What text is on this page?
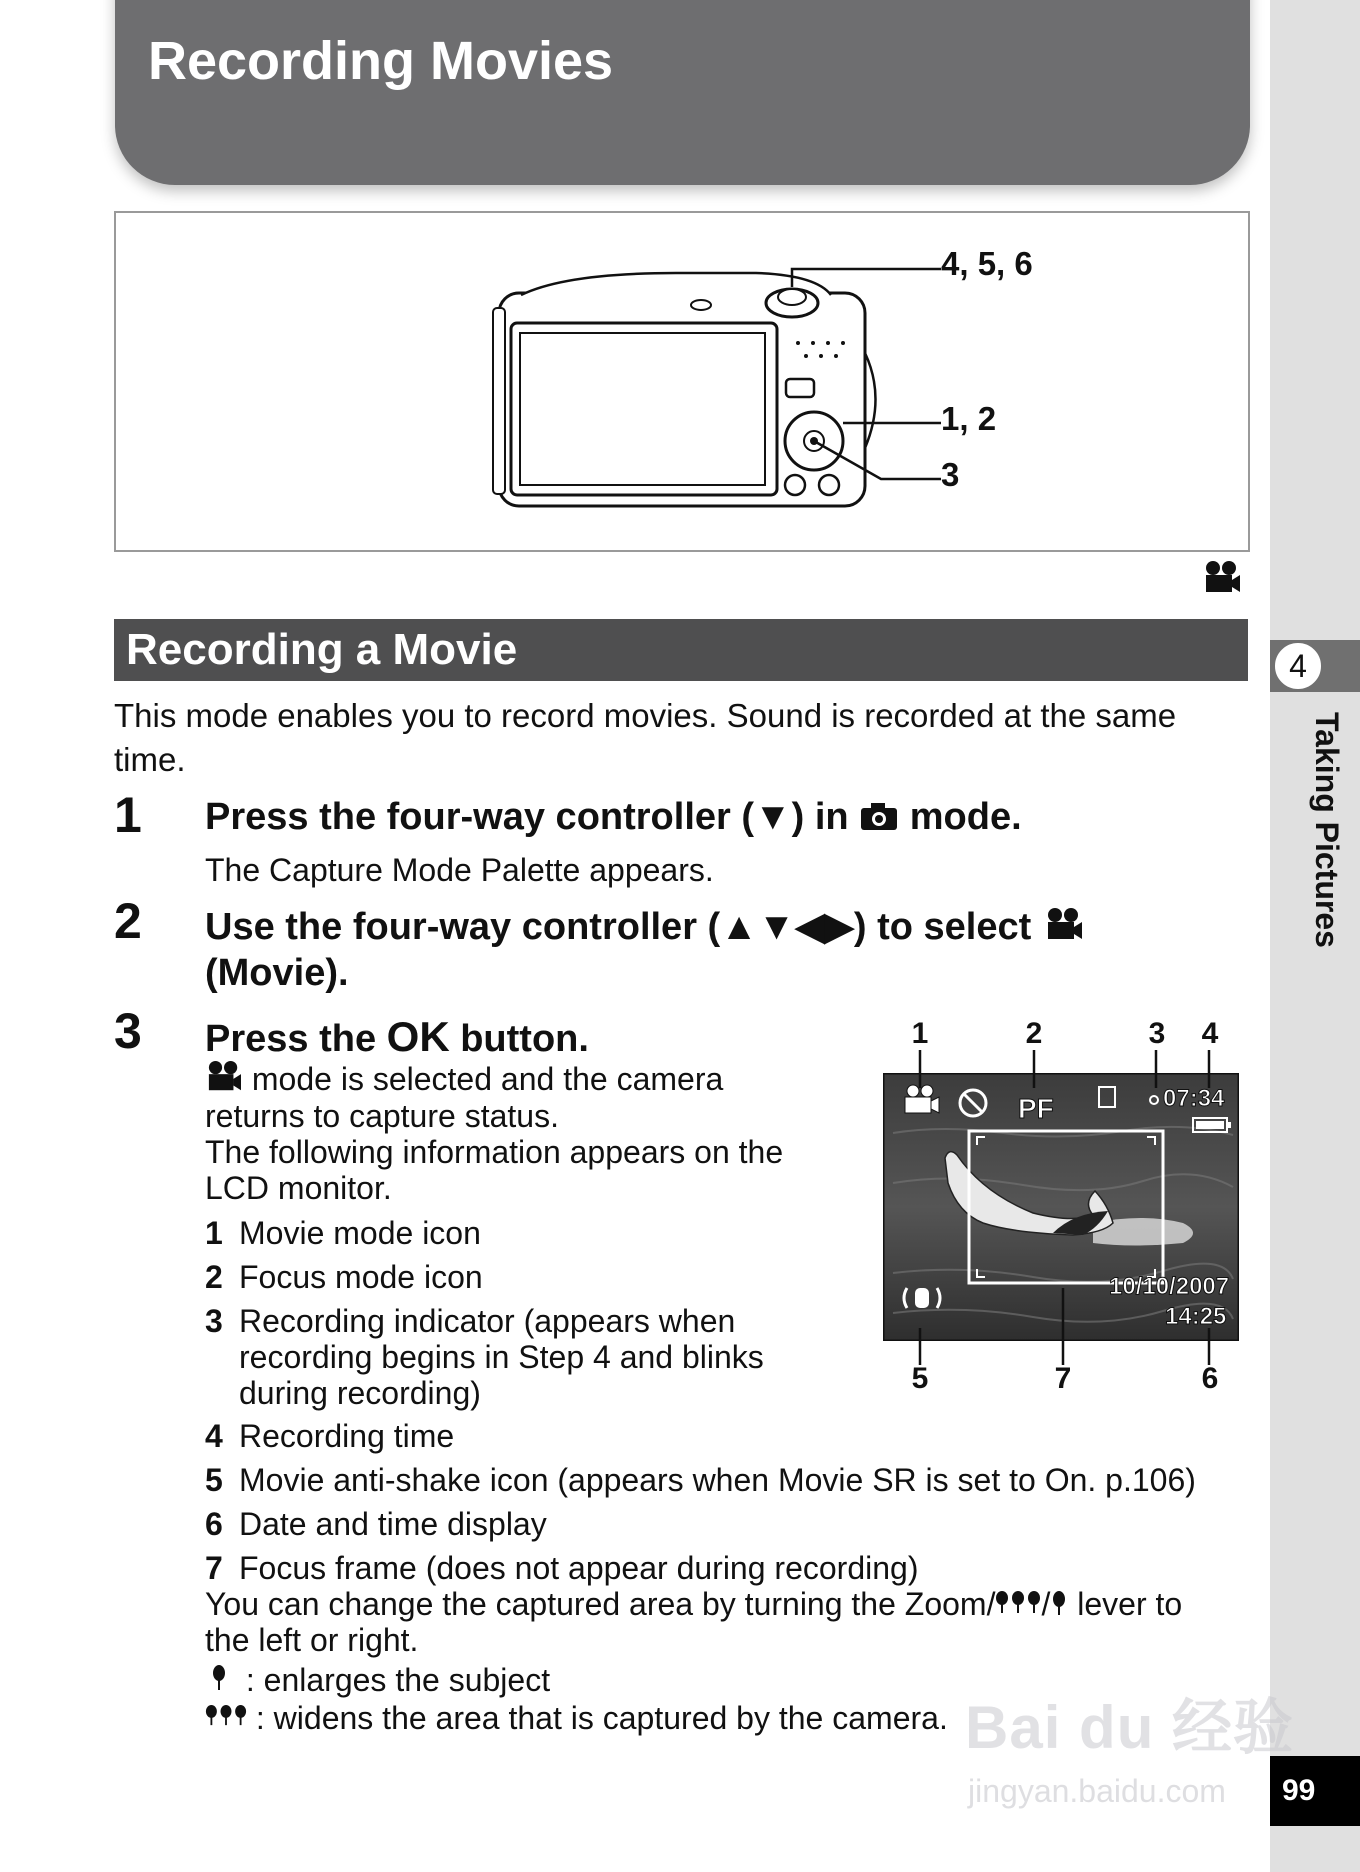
Recording Movies
4, 5, 6
1, 2
3
Recording a Movie
This mode enables you to record movies. Sound is recorded at the same time.
1 Press the four-way controller (▼) in mode.
The Capture Mode Palette appears.
2 Use the four-way controller (▲▼◀▶) to select
(Movie).
3 Press the OK button.
mode is selected and the camera
returns to capture status.
The following information appears on the
LCD monitor.
1 Movie mode icon
2 Focus mode icon
3 Recording indicator (appears when
recording begins in Step 4 and blinks
during recording)
4 Recording time
5 Movie anti-shake icon (appears when Movie SR is set to On. p.106)
6 Date and time display
7 Focus frame (does not appear during recording)
You can change the captured area by turning the Zoom/ / lever to
the left or right.
: enlarges the subject
: widens the area that is captured by the camera.
1	2	3 4
PF	07:34
10/10/2007
14:25
5	7	6
4
Taking Pictures
99
Bai du 经验
jingyan.baidu.com
